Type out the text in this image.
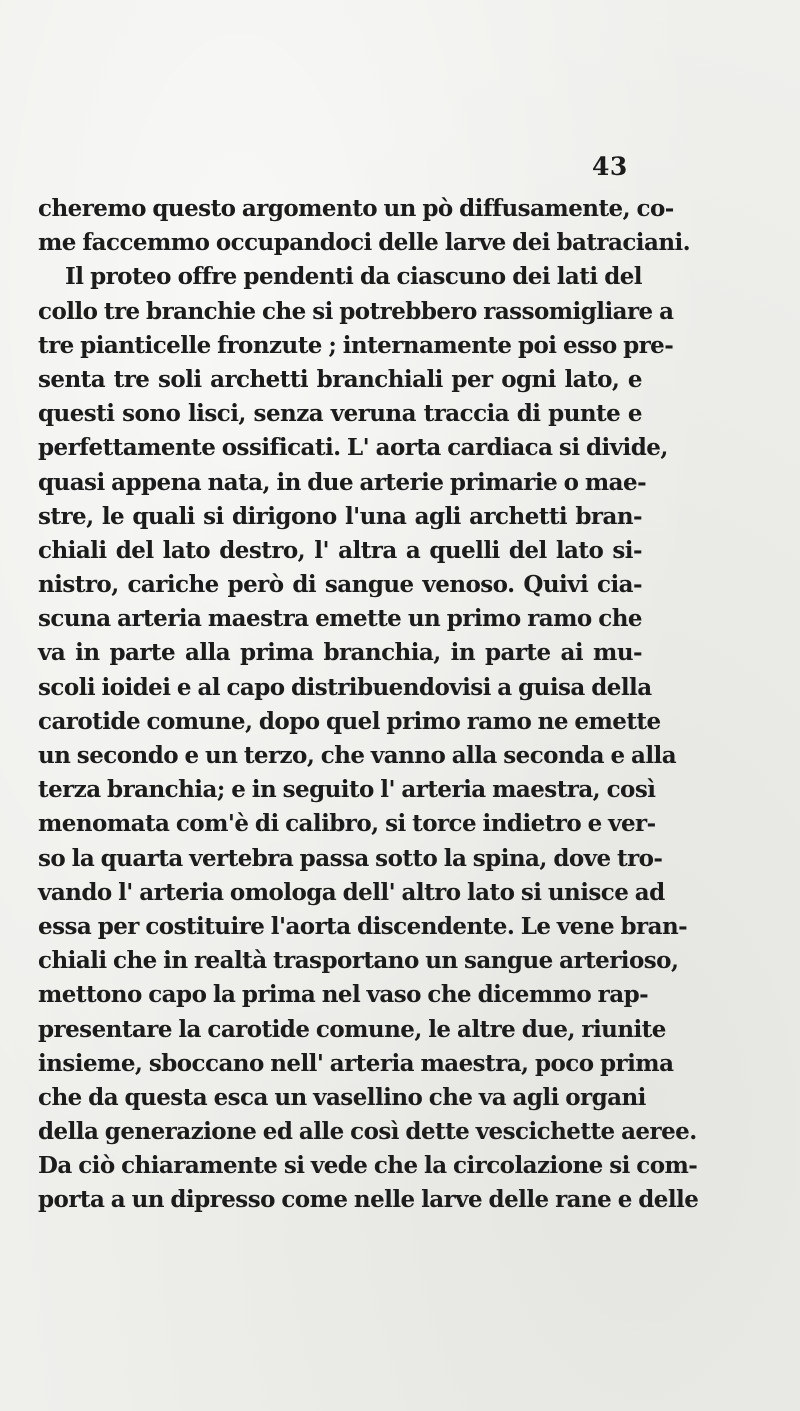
43
cheremo questo argomento un pò diffusamente, co-
me faccemmo occupandoci delle larve dei batraciani.
Il proteo offre pendenti da ciascuno dei lati del
collo tre branchie che si potrebbero rassomigliare a
tre pianticelle fronzute ; internamente poi esso pre-
senta tre soli archetti branchiali per ogni lato, e
questi sono lisci, senza veruna traccia di punte e
perfettamente ossificati. L' aorta cardiaca si divide,
quasi appena nata, in due arterie primarie o mae-
stre, le quali si dirigono l'una agli archetti bran-
chiali del lato destro, l' altra a quelli del lato si-
nistro, cariche però di sangue venoso. Quivi cia-
scuna arteria maestra emette un primo ramo che
va in parte alla prima branchia, in parte ai mu-
scoli ioidei e al capo distribuendovisi a guisa della
carotide comune, dopo quel primo ramo ne emette
un secondo e un terzo, che vanno alla seconda e alla
terza branchia; e in seguito l' arteria maestra, così
menomata com'è di calibro, si torce indietro e ver-
so la quarta vertebra passa sotto la spina, dove tro-
vando l' arteria omologa dell' altro lato si unisce ad
essa per costituire l'aorta discendente. Le vene bran-
chiali che in realtà trasportano un sangue arterioso,
mettono capo la prima nel vaso che dicemmo rap-
presentare la carotide comune, le altre due, riunite
insieme, sboccano nell' arteria maestra, poco prima
che da questa esca un vasellino che va agli organi
della generazione ed alle così dette vescichette aeree.
Da ciò chiaramente si vede che la circolazione si com-
porta a un dipresso come nelle larve delle rane e delle
